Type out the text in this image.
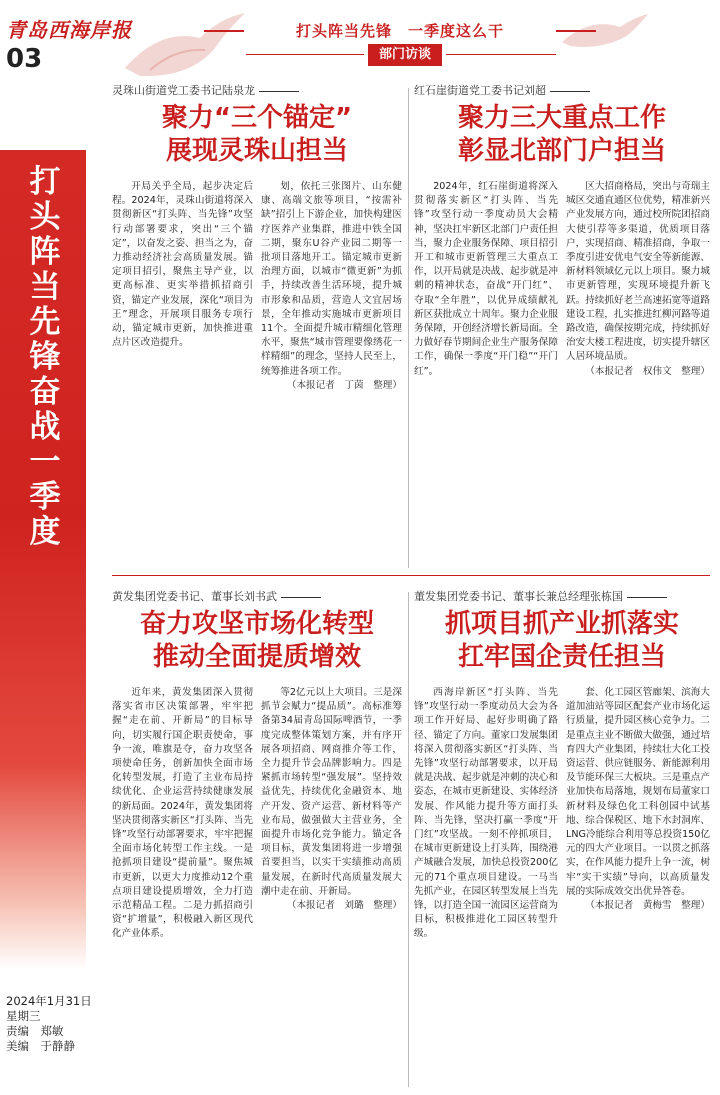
青岛西海岸报
03
打头阵当先锋 奋战一季度
2024年1月31日
星期三
责编　郑敏
美编　于静静
打头阵当先锋　一季度这么干
部门访谈
灵珠山街道党工委书记陆泉龙
聚力“三个锚定”
展现灵珠山担当

开局关乎全局，起步决定后程。2024年，灵珠山街道将深入贯彻新区“打头阵、当先锋”攻坚行动部署要求，突出“三个锚定”，以奋发之姿、担当之为，奋力推动经济社会高质量发展。锚定项目招引，聚焦主导产业，以更高标准、更实举措抓招商引资，锚定产业发展，深化“项目为王”理念，开展项目服务专项行动，锚定城市更新，加快推进重点片区改造提升。

划，依托三张图片、山东健康、高端文旅等项目，“按需补缺”招引上下游企业，加快构建医疗医养产业集群，推进中铁全国二期，聚东U谷产业园二期等一批项目落地开工。锚定城市更新治理方面，以城市“微更新”为抓手，持续改善生活环境，提升城市形象和品质，营造人文宜居场景，全年推动实施城市更新项目11个。全面提升城市精细化管理水平，聚焦“城市管理要像绣花一样精细”的理念，坚持人民至上，统筹推进各项工作。

（本报记者　丁茵　整理）

红石崖街道党工委书记刘超
聚力三大重点工作
彰显北部门户担当

2024年，红石崖街道将深入贯彻落实新区“打头阵、当先锋”攻坚行动一季度动员大会精神，坚决扛牢新区北部门户责任担当，聚力企业服务保障、项目招引开工和城市更新管理三大重点工作，以开局就是决战、起步就是冲刺的精神状态，奋战“开门红”、夺取“全年胜”，以优异成绩献礼新区获批成立十周年。聚力企业服务保障，开创经济增长新局面。全力做好春节期间企业生产服务保障工作，确保一季度“开门稳”“开门红”。

区大招商格局，突出与奇瑞主城区交通直通区位优势，精准新兴产业发展方向，通过校所院团招商大使引荐等多渠道，优质项目落户，实现招商、精准招商，争取一季度引进安优电气安全等新能源、新材料领域亿元以上项目。聚力城市更新管理，实现环境提升新飞跃。持续抓好老兰高速拓宽等道路建设工程，扎实推进红柳河路等道路改造，确保按期完成，持续抓好治安大楼工程进度，切实提升辖区人居环境品质。

（本报记者　权伟文　整理）

黄发集团党委书记、董事长刘书武
奋力攻坚市场化转型
推动全面提质增效

近年来，黄发集团深入贯彻落实省市区决策部署，牢牢把握“走在前、开新局”的目标导向，切实履行国企职责使命，事争一流，唯旗是夺，奋力攻坚各项使命任务，创新加快全面市场化转型发展，打造了主业布局持续优化、企业运营持续健康发展的新局面。2024年，黄发集团将坚决贯彻落实新区“打头阵、当先锋”攻坚行动部署要求，牢牢把握全面市场化转型工作主线。一是抢抓项目建设“提前量”。聚焦城市更新，以更大力度推动12个重点项目建设提质增效，全力打造示范精品工程。二是力抓招商引资“扩增量”，积极融入新区现代化产业体系。

等2亿元以上大项目。三是深抓节会赋力“提品质”。高标准筹备第34届青岛国际啤酒节，一季度完成整体策划方案，并有序开展各项招商、网商推介等工作，全力提升节会品牌影响力。四是紧抓市场转型“强发展”。坚持效益优先，持续优化金融资本、地产开发、资产运营、新材料等产业布局，做强做大主营业务，全面提升市场化竞争能力。锚定各项目标，黄发集团将进一步增强首要担当，以实干实绩推动高质量发展，在新时代高质量发展大潮中走在前、开新局。

（本报记者　刘璐　整理）

董发集团党委书记、董事长兼总经理张栋国
抓项目抓产业抓落实
扛牢国企责任担当

西海岸新区“打头阵、当先锋”攻坚行动一季度动员大会为各项工作开好局、起好步明确了路径、锚定了方向。董家口发展集团将深入贯彻落实新区“打头阵、当先锋”攻坚行动部署要求，以开局就是决战、起步就是冲刺的决心和姿态，在城市更新建设、实体经济发展、作风能力提升等方面打头阵、当先锋，坚决打赢一季度“开门红”攻坚战。一刻不停抓项目，在城市更新建设上打头阵，围绕港产城融合发展，加快总投资200亿元的71个重点项目建设。一马当先抓产业，在园区转型发展上当先锋，以打造全国一流园区运营商为目标，积极推进化工园区转型升级。

套、化工园区管廊架、滨海大道加油站等园区配套产业市场化运行质量，提升园区核心竞争力。二是重点主业不断做大做强，通过培育四大产业集团，持续壮大化工投资运营、供应链服务、新能源利用及节能环保三大板块。三是重点产业加快布局落地，规划布局董家口新材料及绿色化工科创园中试基地、综合保税区、地下水封洞库、LNG冷能综合利用等总投资150亿元的四大产业项目。一以贯之抓落实，在作风能力提升上争一流，树牢“实干实绩”导向，以高质量发展的实际成效交出优异答卷。

（本报记者　黄梅雪　整理）
